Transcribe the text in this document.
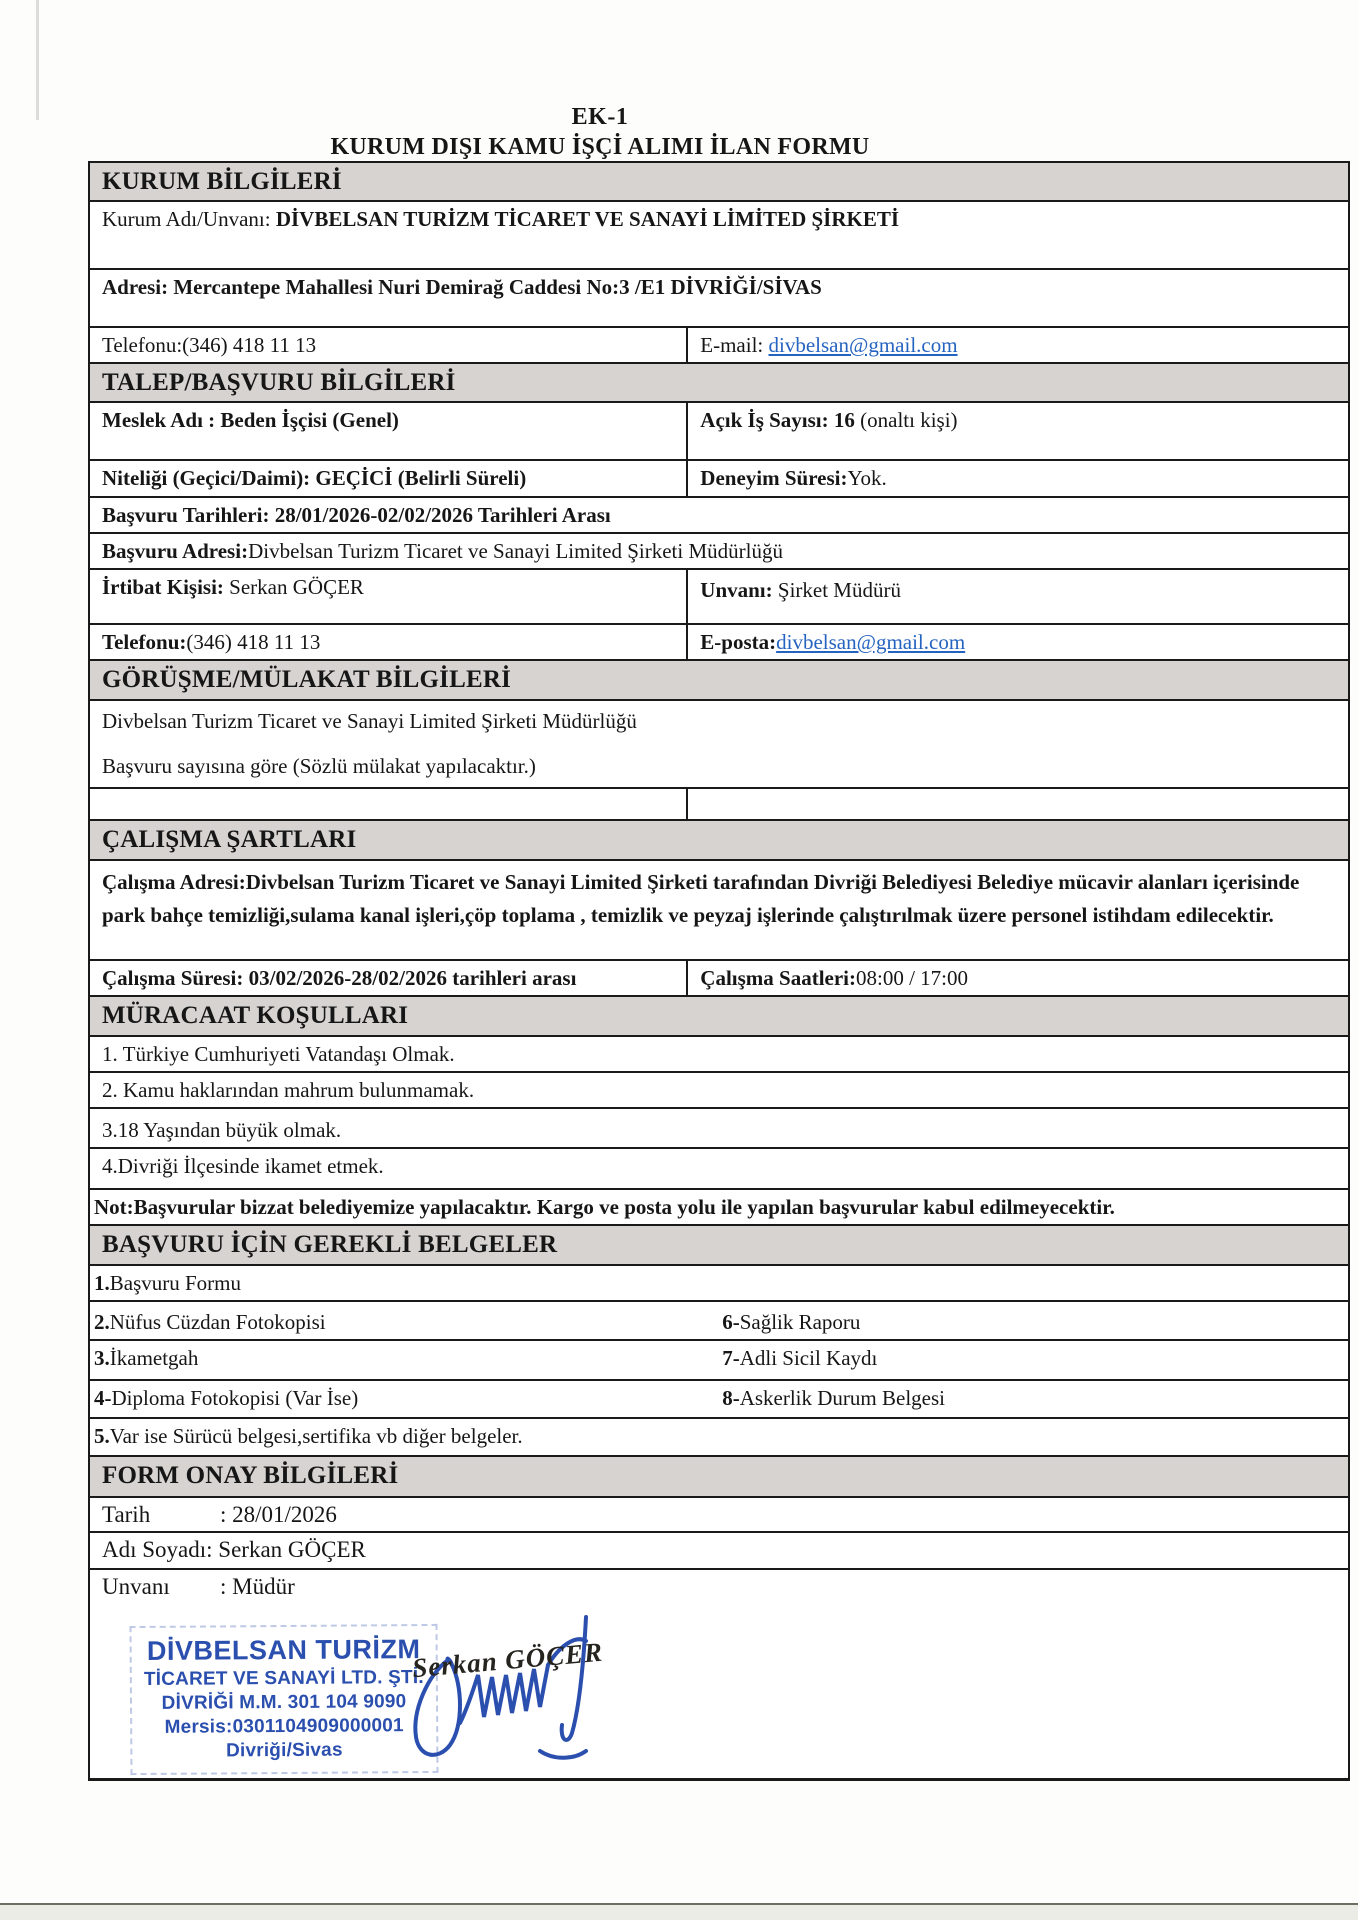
EK-1
KURUM DIŞI KAMU İŞÇİ ALIMI İLAN FORMU
KURUM BİLGİLERİ
Kurum Adı/Unvanı: DİVBELSAN TURİZM TİCARET VE SANAYİ LİMİTED ŞİRKETİ
Adresi: Mercantepe Mahallesi Nuri Demirağ Caddesi No:3 /E1 DİVRİĞİ/SİVAS
Telefonu:(346) 418 11 13	E-mail: divbelsan@gmail.com
TALEP/BAŞVURU BİLGİLERİ
Meslek Adı : Beden İşçisi (Genel)	Açık İş Sayısı: 16 (onaltı kişi)
Niteliği (Geçici/Daimi): GEÇİCİ (Belirli Süreli)	Deneyim Süresi:Yok.
Başvuru Tarihleri: 28/01/2026-02/02/2026 Tarihleri Arası
Başvuru Adresi:Divbelsan Turizm Ticaret ve Sanayi Limited Şirketi Müdürlüğü
İrtibat Kişisi: Serkan GÖÇER	Unvanı: Şirket Müdürü
Telefonu:(346) 418 11 13	E-posta:divbelsan@gmail.com
GÖRÜŞME/MÜLAKAT BİLGİLERİ
Divbelsan Turizm Ticaret ve Sanayi Limited Şirketi Müdürlüğü
Başvuru sayısına göre (Sözlü mülakat yapılacaktır.)
ÇALIŞMA ŞARTLARI
Çalışma Adresi:Divbelsan Turizm Ticaret ve Sanayi Limited Şirketi tarafından Divriği Belediyesi Belediye mücavir alanları içerisinde park bahçe temizliği,sulama kanal işleri,çöp toplama , temizlik ve peyzaj işlerinde çalıştırılmak üzere personel istihdam edilecektir.
Çalışma Süresi: 03/02/2026-28/02/2026 tarihleri arası	Çalışma Saatleri:08:00 / 17:00
MÜRACAAT KOŞULLARI
1. Türkiye Cumhuriyeti Vatandaşı Olmak.
2. Kamu haklarından mahrum bulunmamak.
3.18 Yaşından büyük olmak.
4.Divriği İlçesinde ikamet etmek.
Not:Başvurular bizzat belediyemize yapılacaktır. Kargo ve posta yolu ile yapılan başvurular kabul edilmeyecektir.
BAŞVURU İÇİN GEREKLİ BELGELER
1.Başvuru Formu
2.Nüfus Cüzdan Fotokopisi	6-Sağlik Raporu
3.İkametgah	7-Adli Sicil Kaydı
4-Diploma Fotokopisi (Var İse)	8-Askerlik Durum Belgesi
5.Var ise Sürücü belgesi,sertifika vb diğer belgeler.
FORM ONAY BİLGİLERİ
Tarih	: 28/01/2026
Adı Soyadı: Serkan GÖÇER
Unvanı : Müdür
DİVBELSAN TURİZM
TİCARET VE SANAYİ LTD. ŞTİ.
DİVRİĞİ M.M. 301 104 9090
Mersis:0301104909000001
Divriği/Sivas
Serkan GÖÇER
